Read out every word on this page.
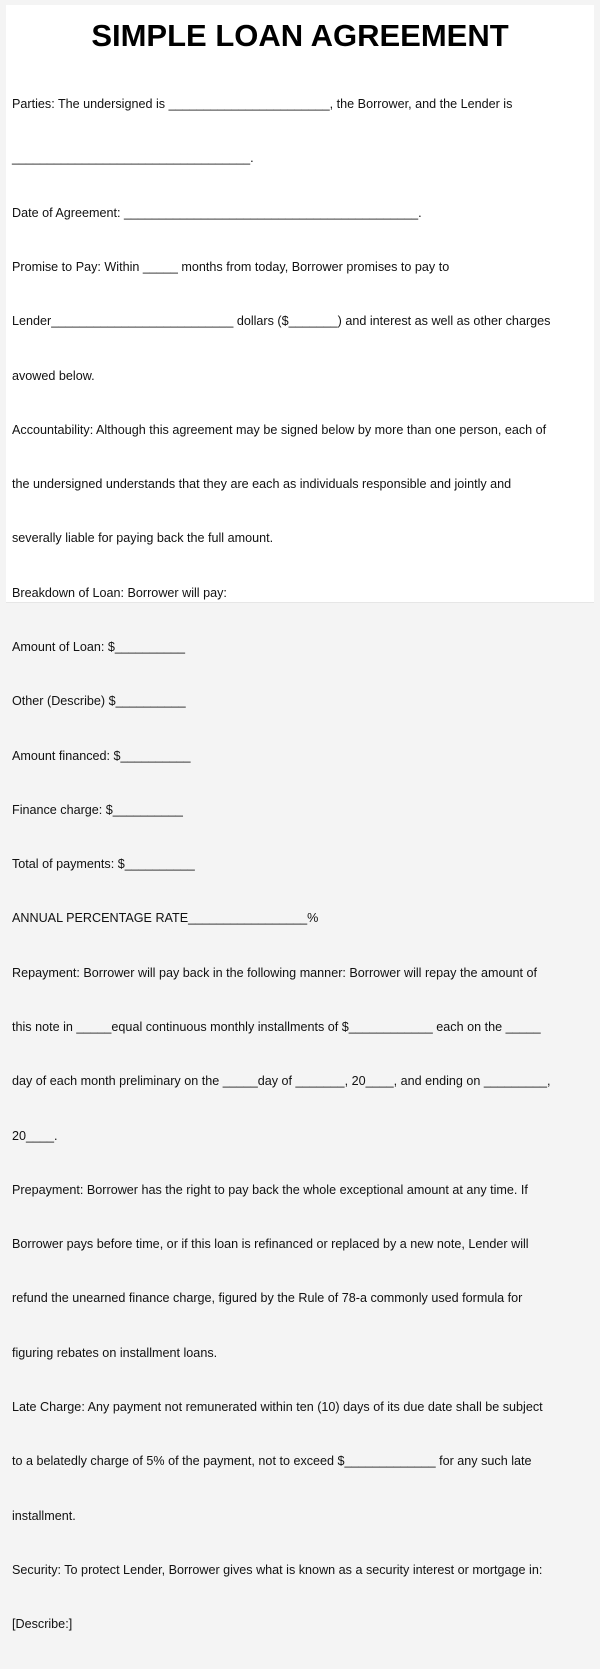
SIMPLE LOAN AGREEMENT

Parties: The undersigned is _______________________, the Borrower, and the Lender is

__________________________________.

Date of Agreement: __________________________________________.

Promise to Pay: Within _____ months from today, Borrower promises to pay to

Lender__________________________ dollars ($_______) and interest as well as other charges

avowed below.

Accountability: Although this agreement may be signed below by more than one person, each of

the undersigned understands that they are each as individuals responsible and jointly and

severally liable for paying back the full amount.

Breakdown of Loan: Borrower will pay:

Amount of Loan: $__________

Other (Describe) $__________

Amount financed: $__________

Finance charge: $__________

Total of payments: $__________

ANNUAL PERCENTAGE RATE_________________%

Repayment: Borrower will pay back in the following manner: Borrower will repay the amount of

this note in _____equal continuous monthly installments of $____________ each on the _____

day of each month preliminary on the _____day of _______, 20____, and ending on _________,

20____.

Prepayment: Borrower has the right to pay back the whole exceptional amount at any time. If

Borrower pays before time, or if this loan is refinanced or replaced by a new note, Lender will

refund the unearned finance charge, figured by the Rule of 78-a commonly used formula for

figuring rebates on installment loans.

Late Charge: Any payment not remunerated within ten (10) days of its due date shall be subject

to a belatedly charge of 5% of the payment, not to exceed $_____________ for any such late

installment.

Security: To protect Lender, Borrower gives what is known as a security interest or mortgage in:

[Describe:]
